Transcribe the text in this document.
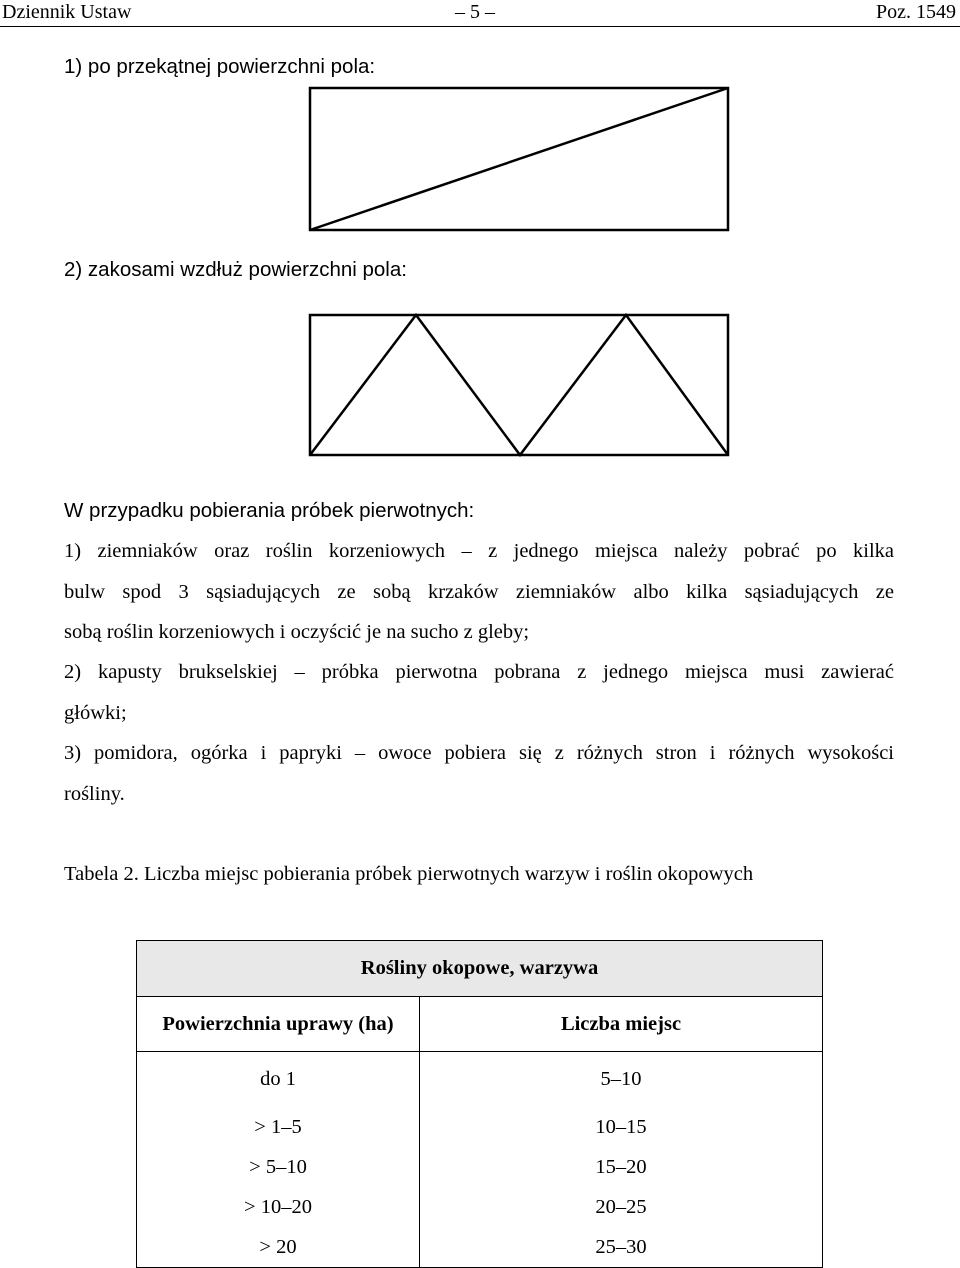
Dziennik Ustaw	– 5 –	Poz. 1549
1) po przekątnej powierzchni pola:
2) zakosami wzdłuż powierzchni pola:
W przypadku pobierania próbek pierwotnych:
1) ziemniaków oraz roślin korzeniowych – z jednego miejsca należy pobrać po kilka
bulw spod 3 sąsiadujących ze sobą krzaków ziemniaków albo kilka sąsiadujących ze
sobą roślin korzeniowych i oczyścić je na sucho z gleby;
2) kapusty brukselskiej – próbka pierwotna pobrana z jednego miejsca musi zawierać
główki;
3) pomidora, ogórka i papryki – owoce pobiera się z różnych stron i różnych wysokości
rośliny.
Tabela 2. Liczba miejsc pobierania próbek pierwotnych warzyw i roślin okopowych
Rośliny okopowe, warzywa	
Powierzchnia uprawy (ha)	Liczba miejsc
do 1	5–10
> 1–5	10–15
> 5–10	15–20
> 10–20	20–25
> 20	25–30
